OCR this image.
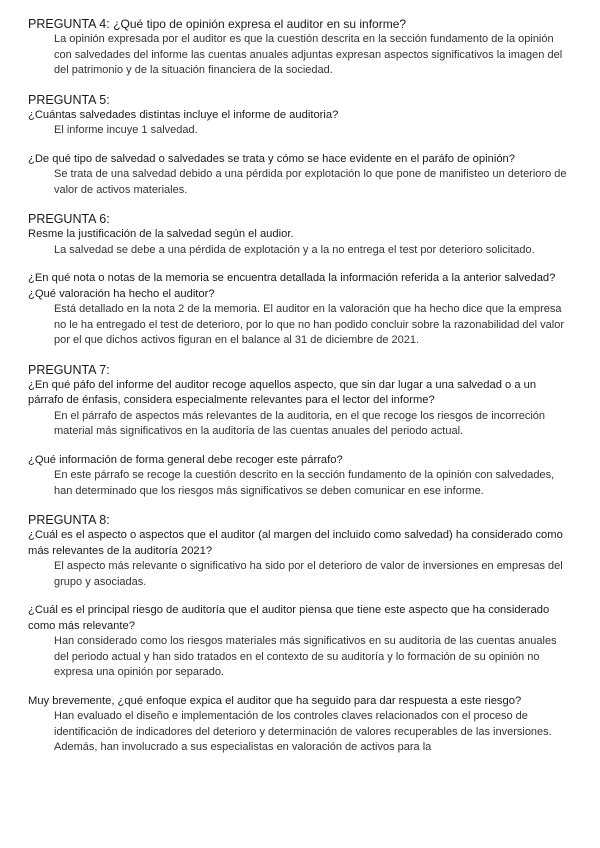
PREGUNTA 4: ¿Qué tipo de opinión expresa el auditor en su informe?

La opinión expresada por el auditor es que la cuestión descrita en la sección fundamento de la opinión con salvedades del informe las cuentas anuales adjuntas expresan aspectos significativos la imagen del del patrimonio y de la situación financiera de la sociedad.

PREGUNTA 5:

¿Cuántas salvedades distintas incluye el informe de auditoria?

El informe incuye 1 salvedad.

¿De qué tipo de salvedad o salvedades se trata y cómo se hace evidente en el paráfo de opinión?

Se trata de una salvedad debido a una pérdida por explotación lo que pone de manifisteo un deterioro de valor de activos materiales.

PREGUNTA 6:

Resme la justificación de la salvedad según el audior.

La salvedad se debe a una pérdida de explotación y a la no entrega el test por deterioro solicitado.

¿En qué nota o notas de la memoria se encuentra detallada la información referida a la anterior salvedad? ¿Qué valoración ha hecho el auditor?

Está detallado en la nota 2 de la memoria. El auditor en la valoración que ha hecho dice que la empresa no le ha entregado el test de deterioro, por lo que no han podido concluir sobre la razonabilidad del valor por el que dichos activos figuran en el balance al 31 de diciembre de 2021.

PREGUNTA 7:

¿En qué páfo del informe del auditor recoge aquellos aspecto, que sin dar lugar a una salvedad o a un párrafo de énfasis, considera especialmente relevantes para el lector del informe?

En el párrafo de aspectos más relevantes de la auditoria, en el que recoge los riesgos de incorreción material más significativos en la auditoria de las cuentas anuales del periodo actual.

¿Qué información de forma general debe recoger este párrafo?

En este párrafo se recoge la cuestión descrito en la sección fundamento de la opinión con salvedades, han determinado que los riesgos más significativos se deben comunicar en ese informe.

PREGUNTA 8:

¿Cuál es el aspecto o aspectos que el auditor (al margen del incluido como salvedad) ha considerado como más relevantes de la auditoría 2021?

El aspecto más relevante o significativo ha sido por el deterioro de valor de inversiones en empresas del grupo y asociadas.

¿Cuál es el principal riesgo de auditoría que el auditor piensa que tiene este aspecto que ha considerado como más relevante?

Han considerado como los riesgos materiales más significativos en su auditoria de las cuentas anuales del periodo actual y han sido tratados en el contexto de su auditoría y lo formación de su opinión no expresa una opinión por separado.

Muy brevemente, ¿qué enfoque expica el auditor que ha seguido para dar respuesta a este riesgo?

Han evaluado el diseño e implementación de los controles claves relacionados con el proceso de identificación de indicadores del deterioro y determinación de valores recuperables de las inversiones. Además, han involucrado a sus especialistas en valoración de activos para la
